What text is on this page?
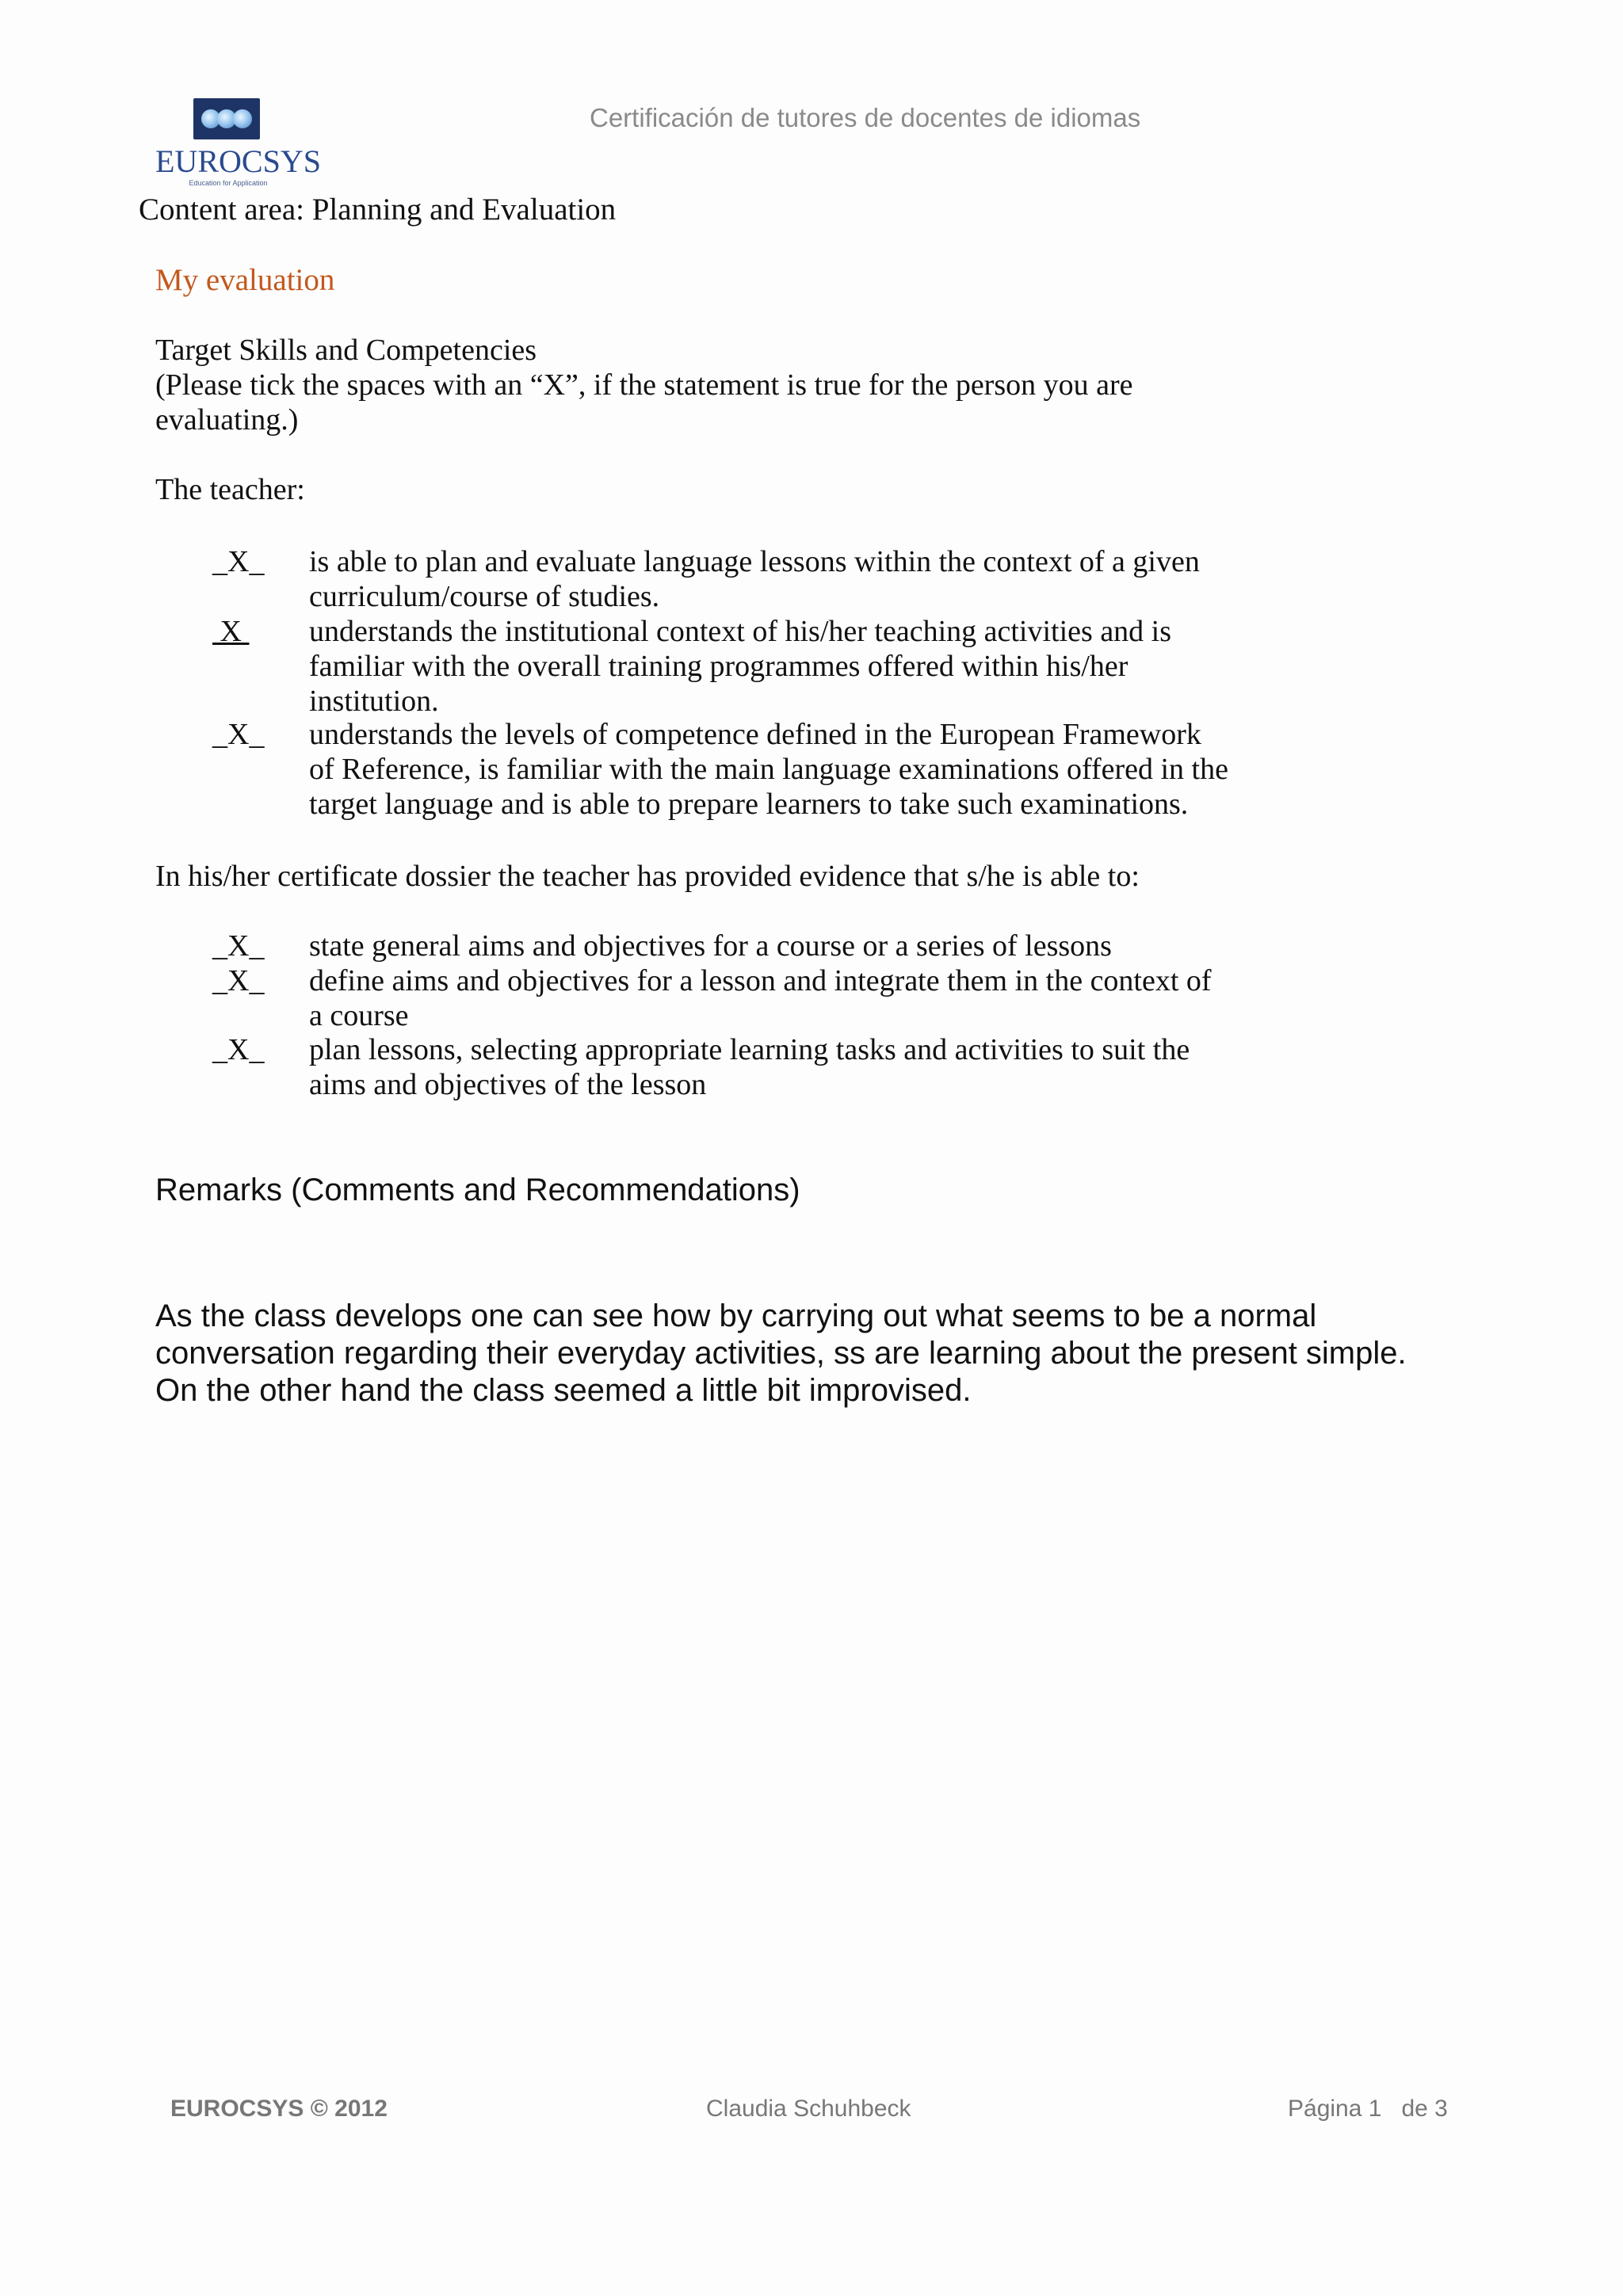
EUROCSYS
Education for Application
Certificación de tutores de docentes de idiomas
Content area: Planning and Evaluation
My evaluation
Target Skills and Competencies
(Please tick the spaces with an “X”, if the statement is true for the person you are
evaluating.)
The teacher:
_X_ is able to plan and evaluate language lessons within the context of a given
curriculum/course of studies.
X understands the institutional context of his/her teaching activities and is
familiar with the overall training programmes offered within his/her
institution.
_X_ understands the levels of competence defined in the European Framework
of Reference, is familiar with the main language examinations offered in the
target language and is able to prepare learners to take such examinations.
In his/her certificate dossier the teacher has provided evidence that s/he is able to:
_X_ state general aims and objectives for a course or a series of lessons
_X_ define aims and objectives for a lesson and integrate them in the context of
a course
_X_ plan lessons, selecting appropriate learning tasks and activities to suit the
aims and objectives of the lesson
Remarks (Comments and Recommendations)
As the class develops one can see how by carrying out what seems to be a normal
conversation regarding their everyday activities, ss are learning about the present simple.
On the other hand the class seemed a little bit improvised.
EUROCSYS © 2012	Claudia Schuhbeck	Página 1   de 3
